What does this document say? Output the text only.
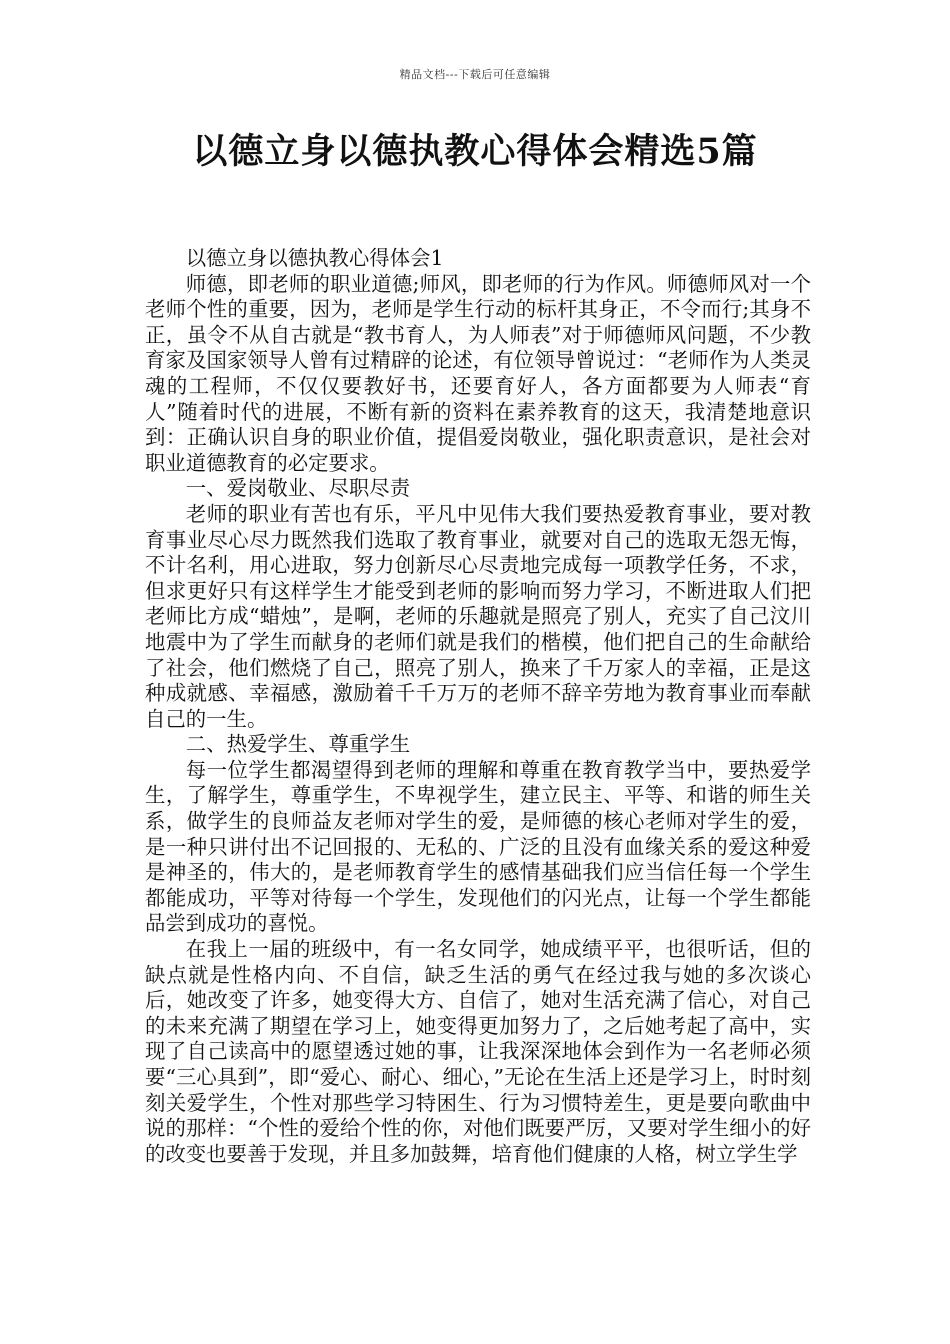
精品文档---下载后可任意编辑
以德立身以德执教心得体会精选5篇

以德立身以德执教心得体会1

师德，即老师的职业道德;师风，即老师的行为作风。师德师风对一个老师个性的重要，因为，老师是学生行动的标杆其身正，不令而行;其身不正，虽令不从自古就是“教书育人，为人师表”对于师德师风问题，不少教育家及国家领导人曾有过精辟的论述，有位领导曾说过：“老师作为人类灵魂的工程师，不仅仅要教好书，还要育好人，各方面都要为人师表“育人”随着时代的进展，不断有新的资料在素养教育的这天，我清楚地意识到：正确认识自身的职业价值，提倡爱岗敬业，强化职责意识，是社会对职业道德教育的必定要求。

一、爱岗敬业、尽职尽责

老师的职业有苦也有乐，平凡中见伟大我们要热爱教育事业，要对教育事业尽心尽力既然我们选取了教育事业，就要对自己的选取无怨无悔，不计名利，用心进取，努力创新尽心尽责地完成每一项教学任务，不求，但求更好只有这样学生才能受到老师的影响而努力学习，不断进取人们把老师比方成“蜡烛”，是啊，老师的乐趣就是照亮了别人，充实了自己汶川地震中为了学生而献身的老师们就是我们的楷模，他们把自己的生命献给了社会，他们燃烧了自己，照亮了别人，换来了千万家人的幸福，正是这种成就感、幸福感，激励着千千万万的老师不辞辛劳地为教育事业而奉献自己的一生。

二、热爱学生、尊重学生

每一位学生都渴望得到老师的理解和尊重在教育教学当中，要热爱学生，了解学生，尊重学生，不卑视学生，建立民主、平等、和谐的师生关系，做学生的良师益友老师对学生的爱，是师德的核心老师对学生的爱，是一种只讲付出不记回报的、无私的、广泛的且没有血缘关系的爱这种爱是神圣的，伟大的，是老师教育学生的感情基础我们应当信任每一个学生都能成功，平等对待每一个学生，发现他们的闪光点，让每一个学生都能品尝到成功的喜悦。

在我上一届的班级中，有一名女同学，她成绩平平，也很听话，但的缺点就是性格内向、不自信，缺乏生活的勇气在经过我与她的多次谈心后，她改变了许多，她变得大方、自信了，她对生活充满了信心，对自己的未来充满了期望在学习上，她变得更加努力了，之后她考起了高中，实现了自己读高中的愿望透过她的事，让我深深地体会到作为一名老师必须要“三心具到”，即“爱心、耐心、细心，”无论在生活上还是学习上，时时刻刻关爱学生，个性对那些学习特困生、行为习惯特差生，更是要向歌曲中说的那样：“个性的爱给个性的你，对他们既要严厉，又要对学生细小的好的改变也要善于发现，并且多加鼓舞，培育他们健康的人格，树立学生学
